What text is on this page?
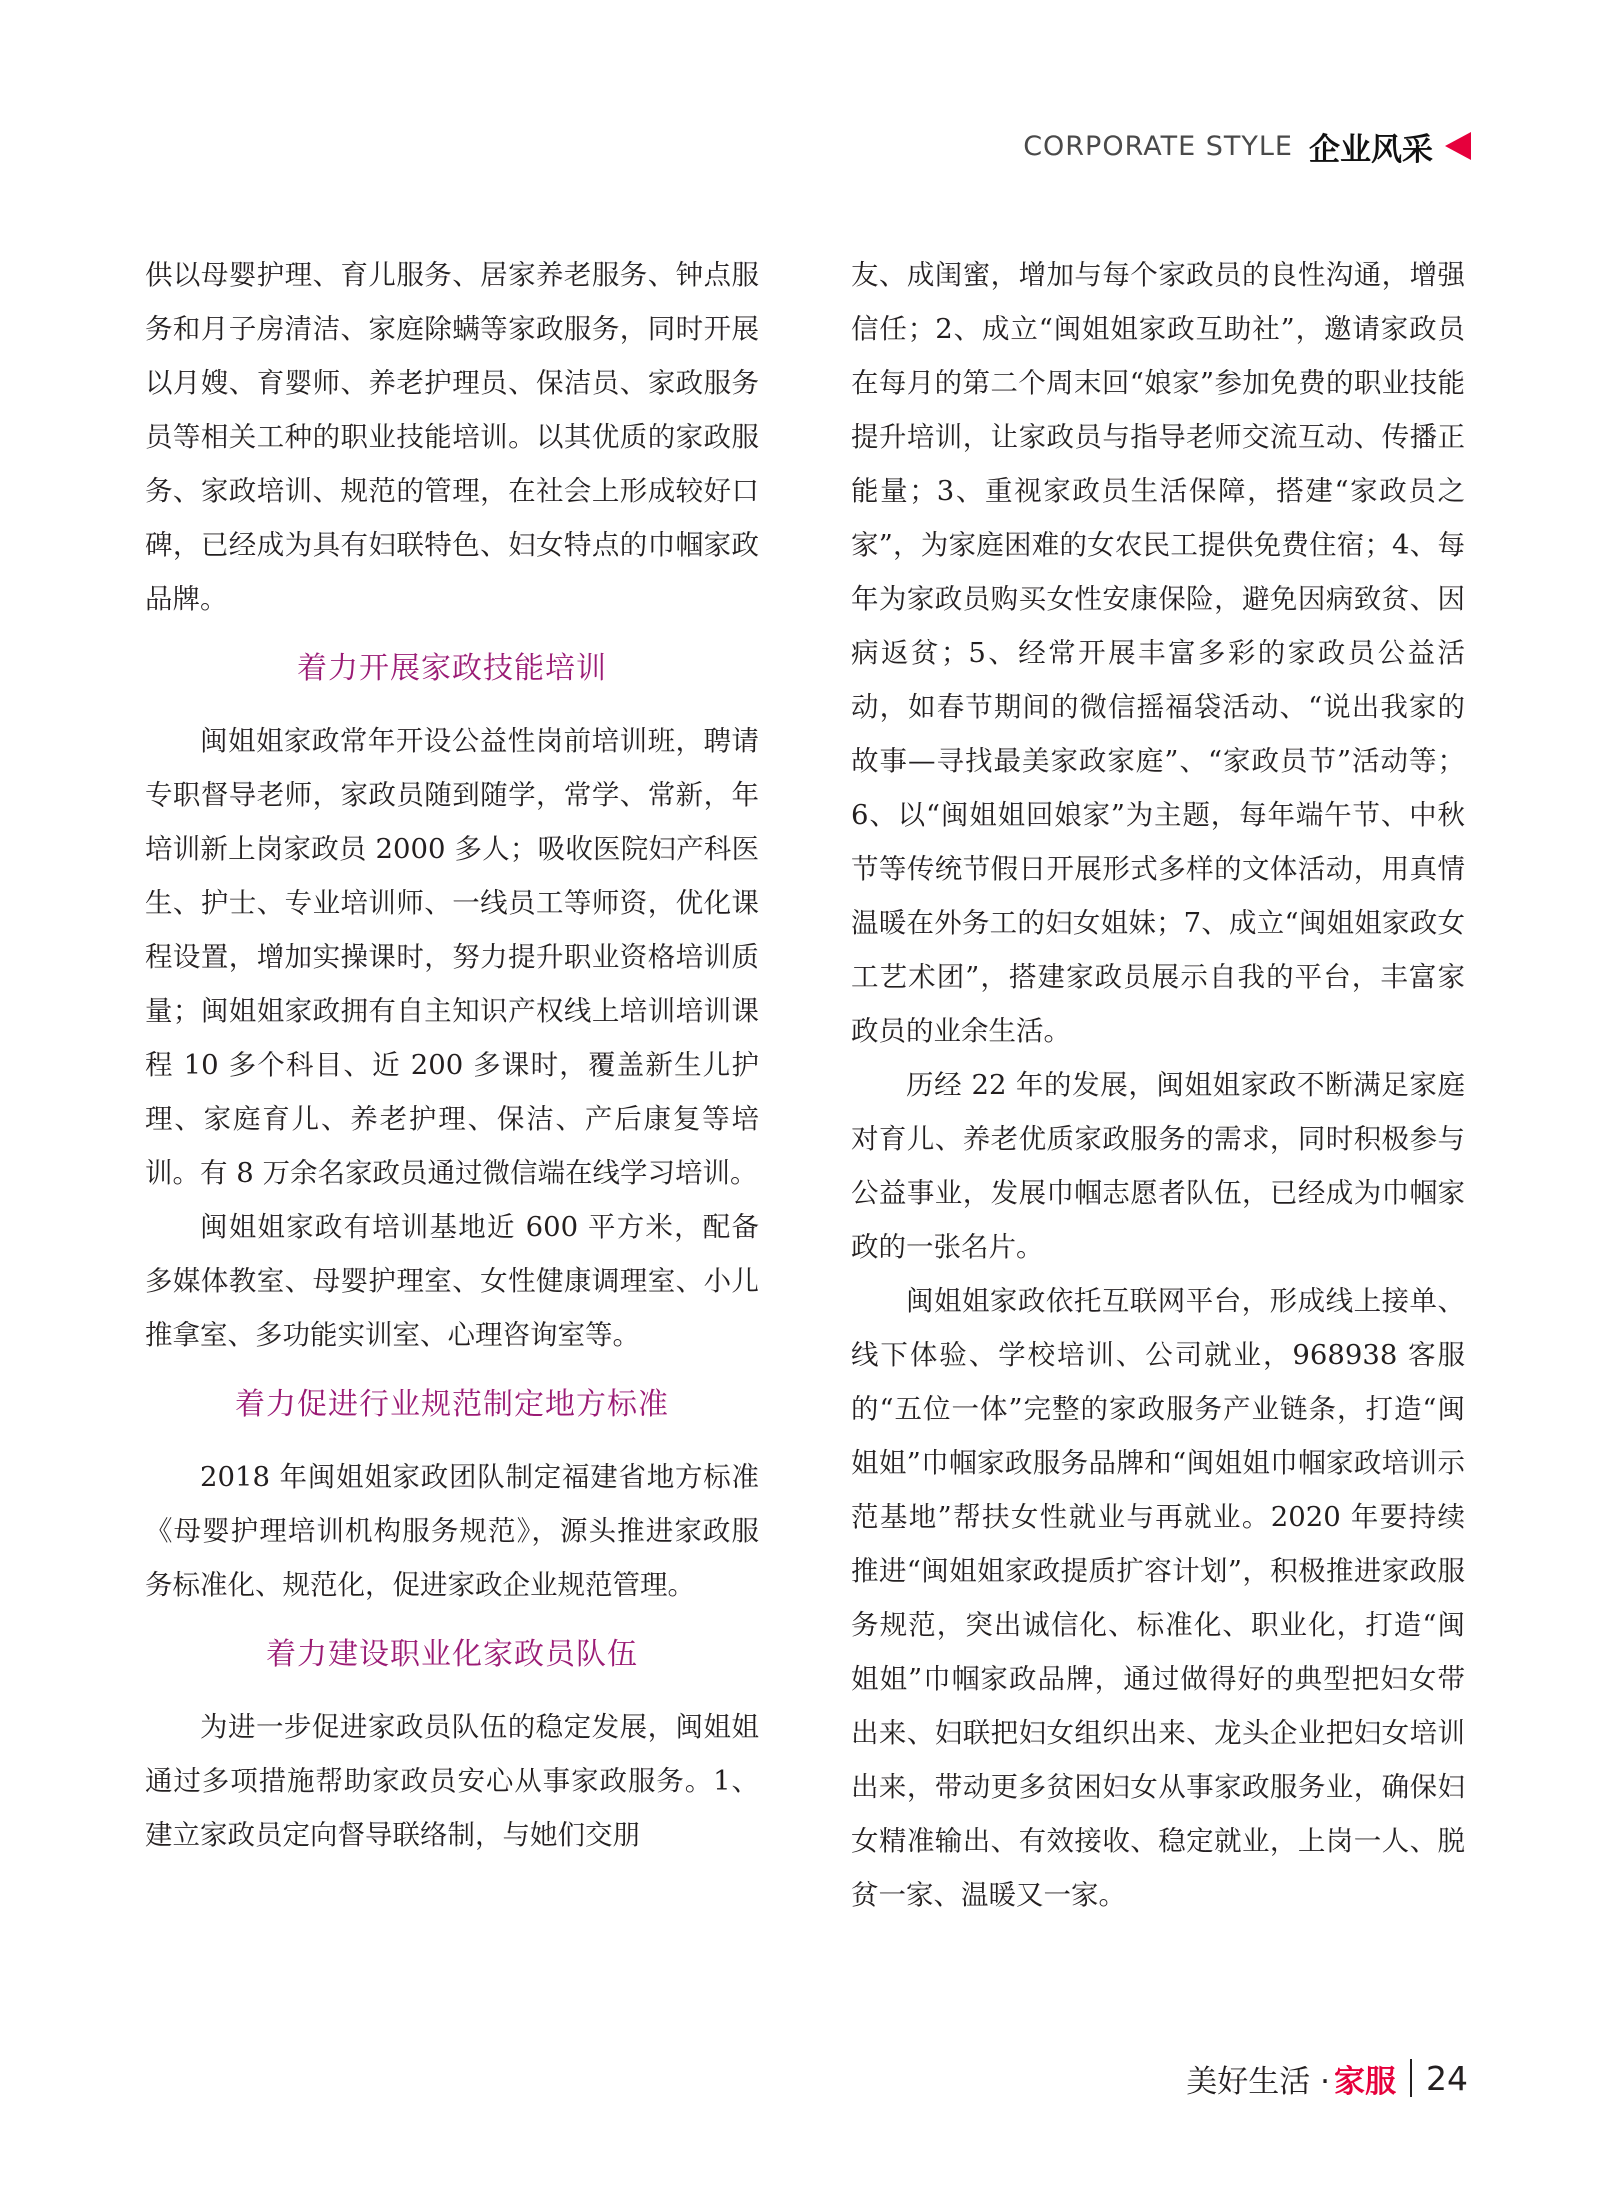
CORPORATE STYLE 企业风采

供以母婴护理、育儿服务、居家养老服务、钟点服务和月子房清洁、家庭除螨等家政服务，同时开展以月嫂、育婴师、养老护理员、保洁员、家政服务员等相关工种的职业技能培训。以其优质的家政服务、家政培训、规范的管理，在社会上形成较好口碑，已经成为具有妇联特色、妇女特点的巾帼家政品牌。

着力开展家政技能培训

闽姐姐家政常年开设公益性岗前培训班，聘请专职督导老师，家政员随到随学，常学、常新，年培训新上岗家政员 2000 多人；吸收医院妇产科医生、护士、专业培训师、一线员工等师资，优化课程设置，增加实操课时，努力提升职业资格培训质量；闽姐姐家政拥有自主知识产权线上培训培训课程 10 多个科目、近 200 多课时，覆盖新生儿护理、家庭育儿、养老护理、保洁、产后康复等培训。有 8 万余名家政员通过微信端在线学习培训。

闽姐姐家政有培训基地近 600 平方米，配备多媒体教室、母婴护理室、女性健康调理室、小儿推拿室、多功能实训室、心理咨询室等。

着力促进行业规范制定地方标准

2018 年闽姐姐家政团队制定福建省地方标准《母婴护理培训机构服务规范》，源头推进家政服务标准化、规范化，促进家政企业规范管理。

着力建设职业化家政员队伍

为进一步促进家政员队伍的稳定发展，闽姐姐通过多项措施帮助家政员安心从事家政服务。1、建立家政员定向督导联络制，与她们交朋

友、成闺蜜，增加与每个家政员的良性沟通，增强信任；2、成立“闽姐姐家政互助社”，邀请家政员在每月的第二个周末回“娘家”参加免费的职业技能提升培训，让家政员与指导老师交流互动、传播正能量；3、重视家政员生活保障，搭建“家政员之家”，为家庭困难的女农民工提供免费住宿；4、每年为家政员购买女性安康保险，避免因病致贫、因病返贫；5、经常开展丰富多彩的家政员公益活动，如春节期间的微信摇福袋活动、“说出我家的故事—寻找最美家政家庭”、“家政员节”活动等；6、以“闽姐姐回娘家”为主题，每年端午节、中秋节等传统节假日开展形式多样的文体活动，用真情温暖在外务工的妇女姐妹；7、成立“闽姐姐家政女工艺术团”，搭建家政员展示自我的平台，丰富家政员的业余生活。

历经 22 年的发展，闽姐姐家政不断满足家庭对育儿、养老优质家政服务的需求，同时积极参与公益事业，发展巾帼志愿者队伍，已经成为巾帼家政的一张名片。

闽姐姐家政依托互联网平台，形成线上接单、线下体验、学校培训、公司就业，968938 客服的“五位一体”完整的家政服务产业链条，打造“闽姐姐”巾帼家政服务品牌和“闽姐姐巾帼家政培训示范基地”帮扶女性就业与再就业。2020 年要持续推进“闽姐姐家政提质扩容计划”，积极推进家政服务规范，突出诚信化、标准化、职业化，打造“闽姐姐”巾帼家政品牌，通过做得好的典型把妇女带出来、妇联把妇女组织出来、龙头企业把妇女培训出来，带动更多贫困妇女从事家政服务业，确保妇女精准输出、有效接收、稳定就业，上岗一人、脱贫一家、温暖又一家。

美好生活 · 家服 24
